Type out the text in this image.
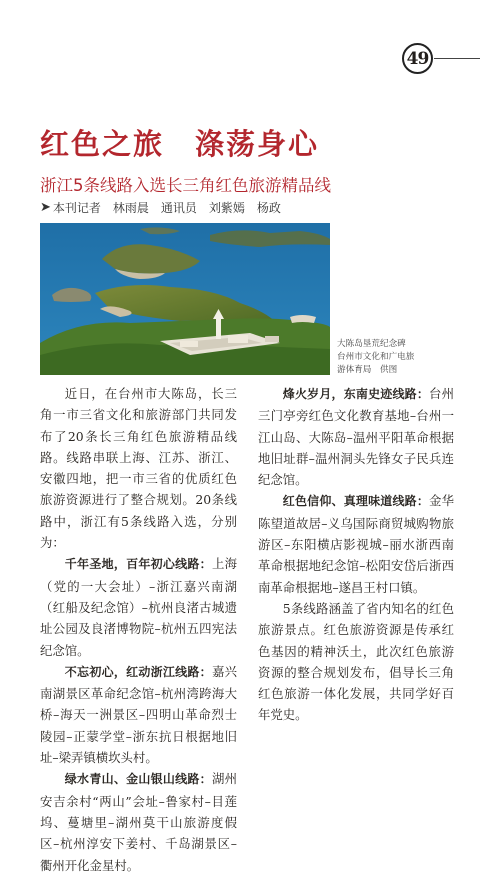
49
红色之旅　涤荡身心
浙江5条线路入选长三角红色旅游精品线
➤ 本刊记者　林雨晨　通讯员　刘紫嫣　杨政
大陈岛垦荒纪念碑
台州市文化和广电旅
游体育局　供图

近日，在台州市大陈岛，长三角一市三省文化和旅游部门共同发布了20条长三角红色旅游精品线路。线路串联上海、江苏、浙江、安徽四地，把一市三省的优质红色旅游资源进行了整合规划。20条线路中，浙江有5条线路入选，分别为：

千年圣地，百年初心线路：上海（党的一大会址）–浙江嘉兴南湖（红船及纪念馆）–杭州良渚古城遗址公园及良渚博物院–杭州五四宪法纪念馆。

不忘初心，红动浙江线路：嘉兴南湖景区革命纪念馆–杭州湾跨海大桥–海天一洲景区–四明山革命烈士陵园–正蒙学堂–浙东抗日根据地旧址–梁弄镇横坎头村。

绿水青山、金山银山线路：湖州安吉余村“两山”会址–鲁家村–目莲坞、蔓塘里–湖州莫干山旅游度假区–杭州淳安下姜村、千岛湖景区–衢州开化金星村。

烽火岁月，东南史迹线路：台州三门亭旁红色文化教育基地–台州一江山岛、大陈岛–温州平阳革命根据地旧址群–温州洞头先锋女子民兵连纪念馆。

红色信仰、真理味道线路：金华陈望道故居–义乌国际商贸城购物旅游区–东阳横店影视城–丽水浙西南革命根据地纪念馆–松阳安岱后浙西南革命根据地–遂昌王村口镇。

5条线路涵盖了省内知名的红色旅游景点。红色旅游资源是传承红色基因的精神沃土，此次红色旅游资源的整合规划发布，倡导长三角红色旅游一体化发展，共同学好百年党史。
